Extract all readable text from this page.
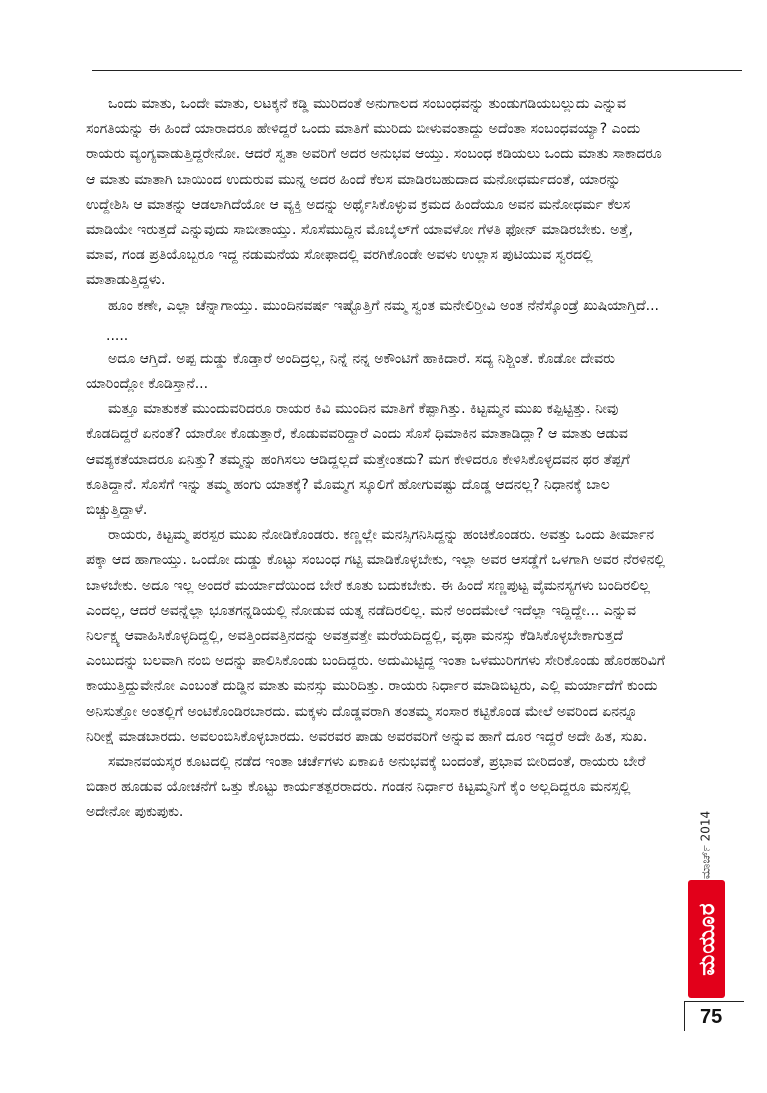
ಒಂದು ಮಾತು, ಒಂದೇ ಮಾತು, ಲಟಕ್ಕನೆ ಕಡ್ಡಿ ಮುರಿದಂತೆ ಅನುಗಾಲದ ಸಂಬಂಧವನ್ನು ತುಂಡುಗಡಿಯಬಲ್ಲುದು ಎನ್ನುವ ಸಂಗತಿಯನ್ನು ಈ ಹಿಂದೆ ಯಾರಾದರೂ ಹೇಳಿದ್ದರೆ ಒಂದು ಮಾತಿಗೆ ಮುರಿದು ಬೀಳುವಂತಾದ್ದು ಅದೆಂತಾ ಸಂಬಂಧವಯ್ಯಾ? ಎಂದು ರಾಯರು ವ್ಯಂಗ್ಯವಾಡುತ್ತಿದ್ದರೇನೋ. ಆದರೆ ಸ್ವತಾ ಅವರಿಗೆ ಅದರ ಅನುಭವ ಆಯ್ತು. ಸಂಬಂಧ ಕಡಿಯಲು ಒಂದು ಮಾತು ಸಾಕಾದರೂ ಆ ಮಾತು ಮಾತಾಗಿ ಬಾಯಿಂದ ಉದುರುವ ಮುನ್ನ ಅದರ ಹಿಂದೆ ಕೆಲಸ ಮಾಡಿರಬಹುದಾದ ಮನೋಧರ್ಮದಂತೆ, ಯಾರನ್ನು ಉದ್ದೇಶಿಸಿ ಆ ಮಾತನ್ನು ಆಡಲಾಗಿದೆಯೋ ಆ ವ್ಯಕ್ತಿ ಅದನ್ನು ಅರ್ಥೈಸಿಕೊಳ್ಳುವ ಕ್ರಮದ ಹಿಂದೆಯೂ ಅವನ ಮನೋಧರ್ಮ ಕೆಲಸ ಮಾಡಿಯೇ ಇರುತ್ತದೆ ಎನ್ನುವುದು ಸಾಬೀತಾಯ್ತು. ಸೊಸೆಮುದ್ದಿನ ಮೊಬೈಲ್‌ಗೆ ಯಾವಳೋ ಗೆಳತಿ ಫೋನ್ ಮಾಡಿರಬೇಕು. ಅತ್ತೆ, ಮಾವ, ಗಂಡ ಪ್ರತಿಯೊಬ್ಬರೂ ಇದ್ದ ನಡುಮನೆಯ ಸೋಫಾದಲ್ಲಿ ವರಗಿಕೊಂಡೇ ಅವಳು ಉಲ್ಲಾಸ ಪುಟಿಯುವ ಸ್ವರದಲ್ಲಿ ಮಾತಾಡುತ್ತಿದ್ದಳು.

ಹೂಂ ಕಣೇ, ಎಲ್ಲಾ ಚೆನ್ನಾಗಾಯ್ತು. ಮುಂದಿನವರ್ಷ ಇಷ್ಟೊತ್ತಿಗೆ ನಮ್ಮ ಸ್ವಂತ ಮನೇಲಿರ್‍ತೀವಿ ಅಂತ ನೆನೆಸ್ಕೊಂಡ್ರೆ ಖುಷಿಯಾಗ್ತಿದೆ...

.....

ಅದೂ ಆಗ್ತಿದೆ. ಅಪ್ಪ ದುಡ್ಡು ಕೊಡ್ತಾರೆ ಅಂದಿದ್ರಲ್ಲ, ನಿನ್ನೆ ನನ್ನ ಅಕೌಂಟಿಗೆ ಹಾಕಿದಾರೆ. ಸದ್ಯ ನಿಶ್ಚಿಂತೆ. ಕೊಡೋ ದೇವರು ಯಾರಿಂದ್ಲೋ ಕೊಡಿಸ್ತಾನೆ...

ಮತ್ತೂ ಮಾತುಕತೆ ಮುಂದುವರಿದರೂ ರಾಯರ ಕಿವಿ ಮುಂದಿನ ಮಾತಿಗೆ ಕೆಪ್ಪಾಗಿತ್ತು. ಕಿಟ್ಟಮ್ಮನ ಮುಖ ಕಪ್ಪಿಟ್ಟಿತ್ತು. ನೀವು ಕೊಡದಿದ್ದರೆ ಏನಂತೆ? ಯಾರೋ ಕೊಡುತ್ತಾರೆ, ಕೊಡುವವರಿದ್ದಾರೆ ಎಂದು ಸೊಸೆ ಧಿಮಾಕಿನ ಮಾತಾಡಿದ್ಲಾ? ಆ ಮಾತು ಆಡುವ ಆವಶ್ಯಕತೆಯಾದರೂ ಏನಿತ್ತು? ತಮ್ಮನ್ನು ಹಂಗಿಸಲು ಆಡಿದ್ದಲ್ಲದೆ ಮತ್ತೇಂತದು? ಮಗ ಕೇಳಿದರೂ ಕೇಳಿಸಿಕೊಳ್ಳದವನ ಥರ ತೆಪ್ಪಗೆ ಕೂತಿದ್ದಾನೆ. ಸೊಸೆಗೆ ಇನ್ನು ತಮ್ಮ ಹಂಗು ಯಾತಕ್ಕೆ? ಮೊಮ್ಮಗ ಸ್ಕೂಲಿಗೆ ಹೋಗುವಷ್ಟು ದೊಡ್ಡ ಆದನಲ್ಲ? ನಿಧಾನಕ್ಕೆ ಬಾಲ ಬಿಚ್ಚುತ್ತಿದ್ದಾಳೆ.

ರಾಯರು, ಕಿಟ್ಟಮ್ಮ ಪರಸ್ಪರ ಮುಖ ನೋಡಿಕೊಂಡರು. ಕಣ್ಣಲ್ಲೇ ಮನಸ್ಸಿಗನಿಸಿದ್ದನ್ನು ಹಂಚಿಕೊಂಡರು. ಅವತ್ತು ಒಂದು ತೀರ್ಮಾನ ಪಕ್ಕಾ ಆದ ಹಾಗಾಯ್ತು. ಒಂದೋ ದುಡ್ಡು ಕೊಟ್ಟು ಸಂಬಂಧ ಗಟ್ಟಿ ಮಾಡಿಕೊಳ್ಳಬೇಕು, ಇಲ್ಲಾ ಅವರ ಆಸಡ್ಡೆಗೆ ಒಳಗಾಗಿ ಅವರ ನೆರಳಿನಲ್ಲಿ ಬಾಳಬೇಕು. ಅದೂ ಇಲ್ಲ ಅಂದರೆ ಮರ್ಯಾದೆಯಿಂದ ಬೇರೆ ಕೂತು ಬದುಕಬೇಕು. ಈ ಹಿಂದೆ ಸಣ್ಣಪುಟ್ಟ ವೈಮನಸ್ಯಗಳು ಬಂದಿರಲಿಲ್ಲ ಎಂದಲ್ಲ, ಆದರೆ ಅವನ್ನೆಲ್ಲಾ ಭೂತಗನ್ನಡಿಯಲ್ಲಿ ನೋಡುವ ಯತ್ನ ನಡೆದಿರಲಿಲ್ಲ. ಮನೆ ಅಂದಮೇಲೆ ಇದೆಲ್ಲಾ ಇದ್ದಿದ್ದೇ... ಎನ್ನುವ ನಿರ್ಲಕ್ಷ್ಯ ಆವಾಹಿಸಿಕೊಳ್ಳದಿದ್ದಲ್ಲಿ, ಅವತ್ತಿಂದವತ್ತಿನದನ್ನು ಅವತ್ತವತ್ತೇ ಮರೆಯದಿದ್ದಲ್ಲಿ, ವೃಥಾ ಮನಸ್ಸು ಕೆಡಿಸಿಕೊಳ್ಳಬೇಕಾಗುತ್ತದೆ ಎಂಬುದನ್ನು ಬಲವಾಗಿ ನಂಬಿ ಅದನ್ನು ಪಾಲಿಸಿಕೊಂಡು ಬಂದಿದ್ದರು. ಅದುಮಿಟ್ಟಿದ್ದ ಇಂತಾ ಒಳಮುರಿಗಗಳು ಸೇರಿಕೊಂಡು ಹೊರಹರಿವಿಗೆ ಕಾಯುತ್ತಿದ್ದುವೇನೋ ಎಂಬಂತೆ ದುಡ್ಡಿನ ಮಾತು ಮನಸ್ಸು ಮುರಿದಿತ್ತು. ರಾಯರು ನಿರ್ಧಾರ ಮಾಡಿಬಿಟ್ಟರು, ಎಲ್ಲಿ ಮರ್ಯಾದೆಗೆ ಕುಂದು ಅನಿಸುತ್ತೋ ಅಂತಲ್ಲಿಗೆ ಅಂಟಿಕೊಂಡಿರಬಾರದು. ಮಕ್ಕಳು ದೊಡ್ಡವರಾಗಿ ತಂತಮ್ಮ ಸಂಸಾರ ಕಟ್ಟಿಕೊಂಡ ಮೇಲೆ ಅವರಿಂದ ಏನನ್ನೂ ನಿರೀಕ್ಷೆ ಮಾಡಬಾರದು. ಅವಲಂಬಿಸಿಕೊಳ್ಳಬಾರದು. ಅವರವರ ಪಾಡು ಅವರವರಿಗೆ ಅನ್ನುವ ಹಾಗೆ ದೂರ ಇದ್ದರೆ ಅದೇ ಹಿತ, ಸುಖ.

ಸಮಾನವಯಸ್ಕರ ಕೂಟದಲ್ಲಿ ನಡೆದ ಇಂತಾ ಚರ್ಚೆಗಳು ಏಕಾಏಕಿ ಅನುಭವಕ್ಕೆ ಬಂದಂತೆ, ಪ್ರಭಾವ ಬೀರಿದಂತೆ, ರಾಯರು ಬೇರೆ ಬಿಡಾರ ಹೂಡುವ ಯೋಚನೆಗೆ ಒತ್ತು ಕೊಟ್ಟು ಕಾರ್ಯತತ್ಪರರಾದರು. ಗಂಡನ ನಿರ್ಧಾರ ಕಿಟ್ಟಮ್ಮನಿಗೆ ಕೈಂ ಅಲ್ಲದಿದ್ದರೂ ಮನಸ್ಸಲ್ಲಿ ಅದೇನೋ ಪುಕುಪುಕು.	ಮಾರ್ಚ್ 2014
ಮಯೂರ
75
